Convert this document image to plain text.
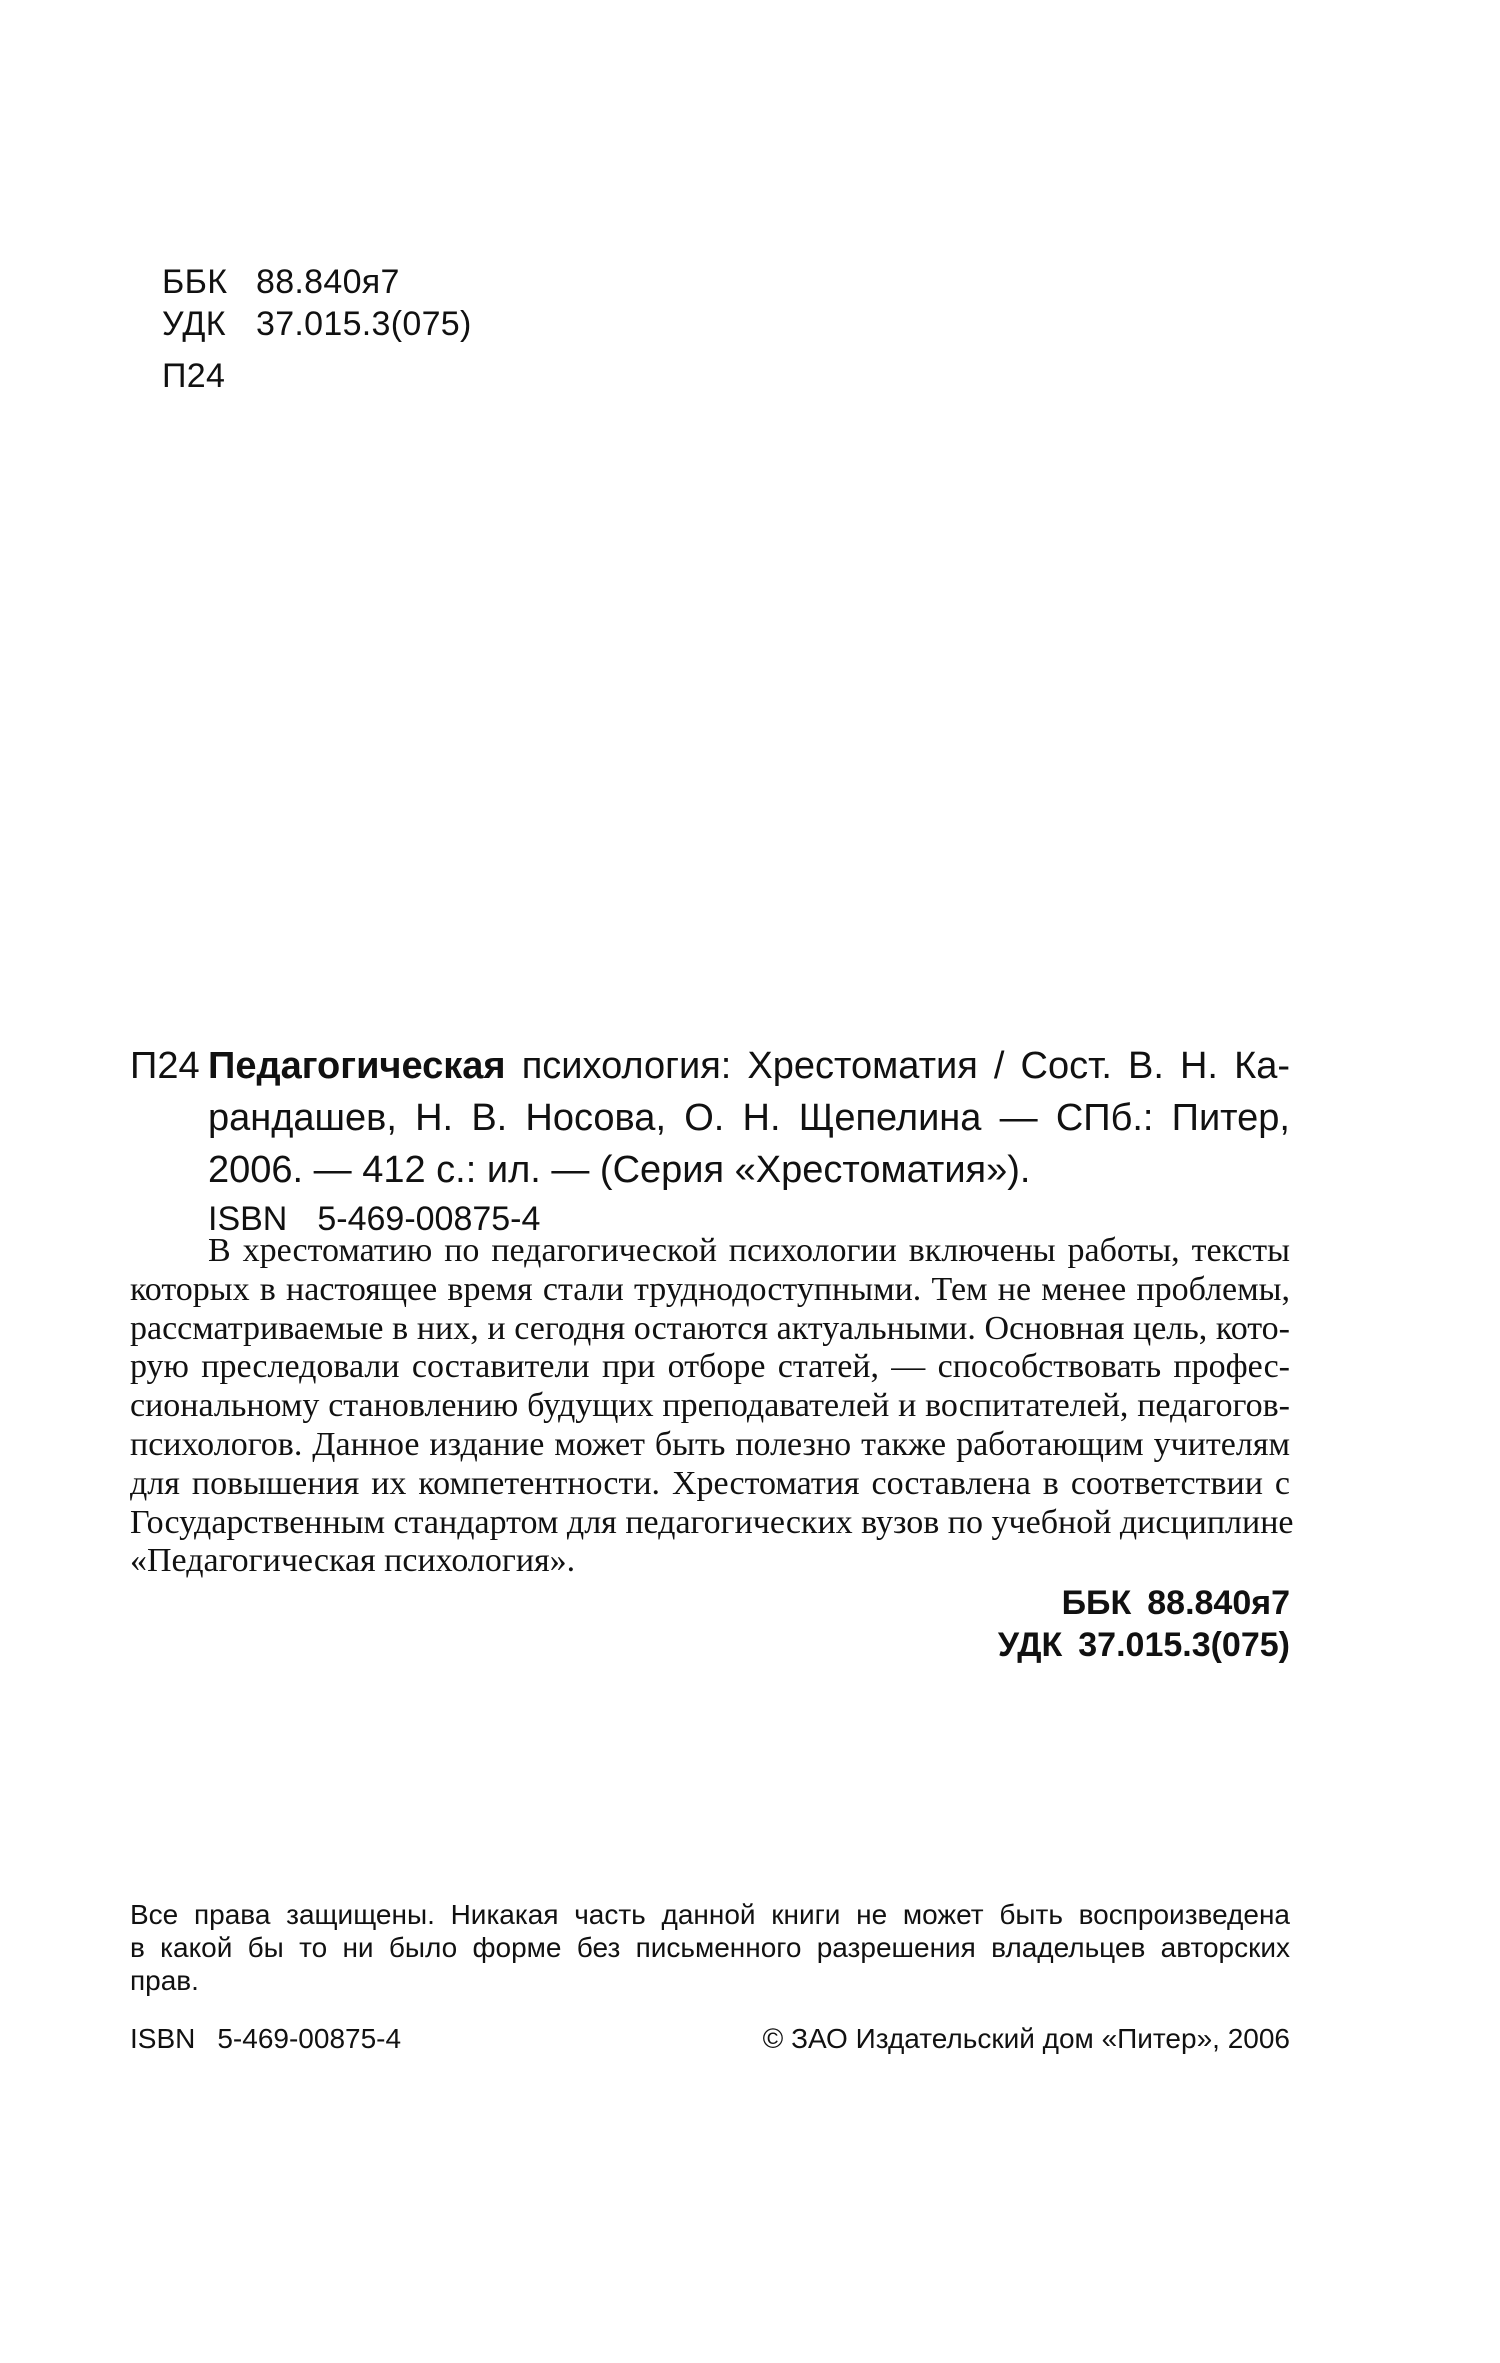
ББК 88.840я7
УДК 37.015.3(075)
П24
П24 Педагогическая психология: Хрестоматия / Сост. В. Н. Ка-
рандашев, Н. В. Носова, О. Н. Щепелина — СПб.: Питер,
2006. — 412 с.: ил. — (Серия «Хрестоматия»).
ISBN 5-469-00875-4
В хрестоматию по педагогической психологии включены работы, тексты
которых в настоящее время стали труднодоступными. Тем не менее проблемы,
рассматриваемые в них, и сегодня остаются актуальными. Основная цель, кото-
рую преследовали составители при отборе статей, — способствовать профес-
сиональному становлению будущих преподавателей и воспитателей, педагогов-
психологов. Данное издание может быть полезно также работающим учителям
для повышения их компетентности. Хрестоматия составлена в соответствии с
Государственным стандартом для педагогических вузов по учебной дисциплине
«Педагогическая психология».
ББК 88.840я7
УДК 37.015.3(075)
Все права защищены. Никакая часть данной книги не может быть воспроизведена
в какой бы то ни было форме без письменного разрешения владельцев авторских
прав.
ISBN 5-469-00875-4	© ЗАО Издательский дом «Питер», 2006
